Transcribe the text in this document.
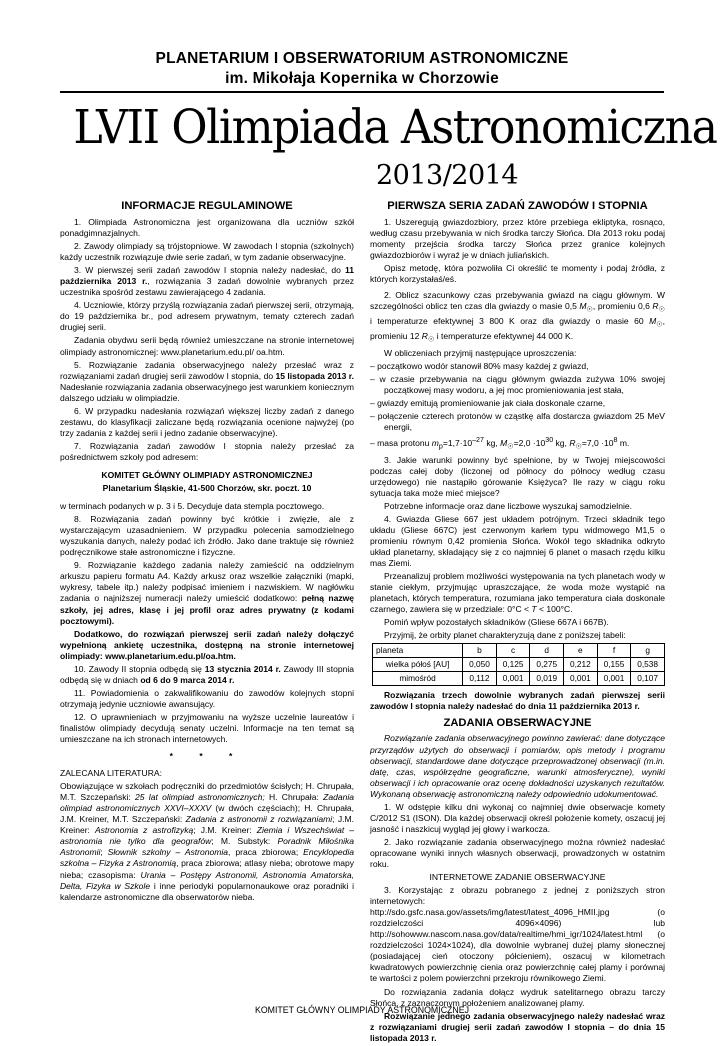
PLANETARIUM I OBSERWATORIUM ASTRONOMICZNE
im. Mikołaja Kopernika w Chorzowie
LVII Olimpiada Astronomiczna
2013/2014
INFORMACJE REGULAMINOWE

1. Olimpiada Astronomiczna jest organizowana dla uczniów szkół ponadgimnazjalnych.

2. Zawody olimpiady są trójstopniowe. W zawodach I stopnia (szkolnych) każdy uczestnik rozwiązuje dwie serie zadań, w tym zadanie obserwacyjne.

3. W pierwszej serii zadań zawodów I stopnia należy nadesłać, do 11 października 2013 r., rozwiązania 3 zadań dowolnie wybranych przez uczestnika spośród zestawu zawierającego 4 zadania.

4. Uczniowie, którzy przyślą rozwiązania zadań pierwszej serii, otrzymają, do 19 października br., pod adresem prywatnym, tematy czterech zadań drugiej serii.

Zadania obydwu serii będą również umieszczane na stronie internetowej olimpiady astronomicznej: www.planetarium.edu.pl/ oa.htm.

5. Rozwiązanie zadania obserwacyjnego należy przesłać wraz z rozwiązaniami zadań drugiej serii zawodów I stopnia, do 15 listopada 2013 r. Nadesłanie rozwiązania zadania obserwacyjnego jest warunkiem koniecznym dalszego udziału w olimpiadzie.

6. W przypadku nadesłania rozwiązań większej liczby zadań z danego zestawu, do klasyfikacji zaliczane będą rozwiązania ocenione najwyżej (po trzy zadania z każdej serii i jedno zadanie obserwacyjne).

7. Rozwiązania zadań zawodów I stopnia należy przesłać za pośrednictwem szkoły pod adresem:

KOMITET GŁÓWNY OLIMPIADY ASTRONOMICZNEJ

Planetarium Śląskie, 41-500 Chorzów, skr. poczt. 10

w terminach podanych w p. 3 i 5. Decyduje data stempla pocztowego.

8. Rozwiązania zadań powinny być krótkie i zwięzłe, ale z wystarczającym uzasadnieniem. W przypadku polecenia samodzielnego wyszukania danych, należy podać ich źródło. Jako dane traktuje się również podręcznikowe stałe astronomiczne i fizyczne.

9. Rozwiązanie każdego zadania należy zamieścić na oddzielnym arkuszu papieru formatu A4. Każdy arkusz oraz wszelkie załączniki (mapki, wykresy, tabele itp.) należy podpisać imieniem i nazwiskiem. W nagłówku zadania o najniższej numeracji należy umieścić dodatkowo: pełną nazwę szkoły, jej adres, klasę i jej profil oraz adres prywatny (z kodami pocztowymi).

Dodatkowo, do rozwiązań pierwszej serii zadań należy dołączyć wypełnioną ankietę uczestnika, dostępną na stronie internetowej olimpiady: www.planetarium.edu.pl/oa.htm.

10. Zawody II stopnia odbędą się 13 stycznia 2014 r. Zawody III stopnia odbędą się w dniach od 6 do 9 marca 2014 r.

11. Powiadomienia o zakwalifikowaniu do zawodów kolejnych stopni otrzymają jedynie uczniowie awansujący.

12. O uprawnieniach w przyjmowaniu na wyższe uczelnie laureatów i finalistów olimpiady decydują senaty uczelni. Informacje na ten temat są umieszczane na ich stronach internetowych.

* * *

ZALECANA LITERATURA:

Obowiązujące w szkołach podręczniki do przedmiotów ścisłych; H. Chrupała, M.T. Szczepański: 25 lat olimpiad astronomicznych; H. Chrupała: Zadania olimpiad astronomicznych XXVI–XXXV (w dwóch częściach); H. Chrupała, J.M. Kreiner, M.T. Szczepański: Zadania z astronomii z rozwiązaniami; J.M. Kreiner: Astronomia z astrofizyką; J.M. Kreiner: Ziemia i Wszechświat – astronomia nie tylko dla geografów; M. Substyk: Poradnik Miłośnika Astronomii; Słownik szkolny – Astronomia, praca zbiorowa; Encyklopedia szkolna – Fizyka z Astronomią, praca zbiorowa; atlasy nieba; obrotowe mapy nieba; czasopisma: Urania – Postępy Astronomii, Astronomia Amatorska, Delta, Fizyka w Szkole i inne periodyki popularnonaukowe oraz poradniki i kalendarze astronomiczne dla obserwatorów nieba.

PIERWSZA SERIA ZADAŃ ZAWODÓW I STOPNIA

1. Uszeregują gwiazdozbiory, przez które przebiega ekliptyka, rosnąco, według czasu przebywania w nich środka tarczy Słońca. Dla 2013 roku podaj momenty przejścia środka tarczy Słońca przez granice kolejnych gwiazdozbiorów i wyraź je w dniach juliańskich.

Opisz metodę, która pozwoliła Ci określić te momenty i podaj źródła, z których korzystałaś/eś.

2. Oblicz szacunkowy czas przebywania gwiazd na ciągu głównym. W szczególności oblicz ten czas dla gwiazdy o masie 0,5 $M_☉$, promieniu 0,6 $R_☉$ i temperaturze efektywnej 3 800 K oraz dla gwiazdy o masie 60 $M_☉$, promieniu 12 $R_☉$ i temperaturze efektywnej 44 000 K.

W obliczeniach przyjmij następujące uproszczenia:

– początkowo wodór stanowił 80% masy każdej z gwiazd,

– w czasie przebywania na ciągu głównym gwiazda zużywa 10% swojej początkowej masy wodoru, a jej moc promieniowania jest stała,

– gwiazdy emitują promieniowanie jak ciała doskonale czarne,

– połączenie czterech protonów w cząstkę alfa dostarcza gwiazdom 25 MeV energii,

– masa protonu $m_p=1,7\cdot 10^{-27}$ kg, $M_☉=2,0 \cdot 10^{30}$ kg, $R_☉=7,0 \cdot 10^8$ m.

3. Jakie warunki powinny być spełnione, by w Twojej miejscowości podczas całej doby (liczonej od północy do północy według czasu urzędowego) nie nastąpiło górowanie Księżyca? Ile razy w ciągu roku sytuacja taka może mieć miejsce?

Potrzebne informacje oraz dane liczbowe wyszukaj samodzielnie.

4. Gwiazda Gliese 667 jest układem potrójnym. Trzeci składnik tego układu (Gliese 667C) jest czerwonym karłem typu widmowego M1,5 o promieniu równym 0,42 promienia Słońca. Wokół tego składnika odkryto układ planetarny, składający się z co najmniej 6 planet o masach rzędu kilku mas Ziemi.

Przeanalizuj problem możliwości występowania na tych planetach wody w stanie ciekłym, przyjmując upraszczające, że woda może wystąpić na planetach, których temperatura, rozumiana jako temperatura ciała doskonale czarnego, zawiera się w przedziale: 0°C < T < 100°C.

Pomiń wpływ pozostałych składników (Gliese 667A i 667B).

Przyjmij, że orbity planet charakteryzują dane z poniższej tabeli:

planeta	b	c	d	e	f	g
wielka półoś [AU]	0,050	0,125	0,275	0,212	0,155	0,538
mimośród	0,112	0,001	0,019	0,001	0,001	0,107

Rozwiązania trzech dowolnie wybranych zadań pierwszej serii zawodów I stopnia należy nadesłać do dnia 11 października 2013 r.

ZADANIA OBSERWACYJNE

Rozwiązanie zadania obserwacyjnego powinno zawierać: dane dotyczące przyrządów użytych do obserwacji i pomiarów, opis metody i programu obserwacji, standardowe dane dotyczące przeprowadzonej obserwacji (m.in. datę, czas, współrzędne geograficzne, warunki atmosferyczne), wyniki obserwacji i ich opracowanie oraz ocenę dokładności uzyskanych rezultatów. Wykonaną obserwację astronomiczną należy odpowiednio udokumentować.

1. W odstępie kilku dni wykonaj co najmniej dwie obserwacje komety C/2012 S1 (ISON). Dla każdej obserwacji określ położenie komety, oszacuj jej jasność i naszkicuj wygląd jej głowy i warkocza.

2. Jako rozwiązanie zadania obserwacyjnego można również nadesłać opracowane wyniki innych własnych obserwacji, prowadzonych w ostatnim roku.

INTERNETOWE ZADANIE OBSERWACYJNE

3. Korzystając z obrazu pobranego z jednej z poniższych stron internetowych: http://sdo.gsfc.nasa.gov/assets/img/latest/latest_4096_HMII.jpg (o rozdzielczości 4096×4096) lub http://sohowww.nascom.nasa.gov/data/realtime/hmi_igr/1024/latest.html (o rozdzielczości 1024×1024), dla dowolnie wybranej dużej plamy słonecznej (posiadającej cień otoczony półcieniem), oszacuj w kilometrach kwadratowych powierzchnię cienia oraz powierzchnię całej plamy i porównaj te wartości z polem powierzchni przekroju równikowego Ziemi.

Do rozwiązania zadania dołącz wydruk satelitarnego obrazu tarczy Słońca, z zaznaczonym położeniem analizowanej plamy.

Rozwiązanie jednego zadania obserwacyjnego należy nadesłać wraz z rozwiązaniami drugiej serii zadań zawodów I stopnia – do dnia 15 listopada 2013 r.

KOMITET GŁÓWNY OLIMPIADY ASTRONOMICZNEJ
